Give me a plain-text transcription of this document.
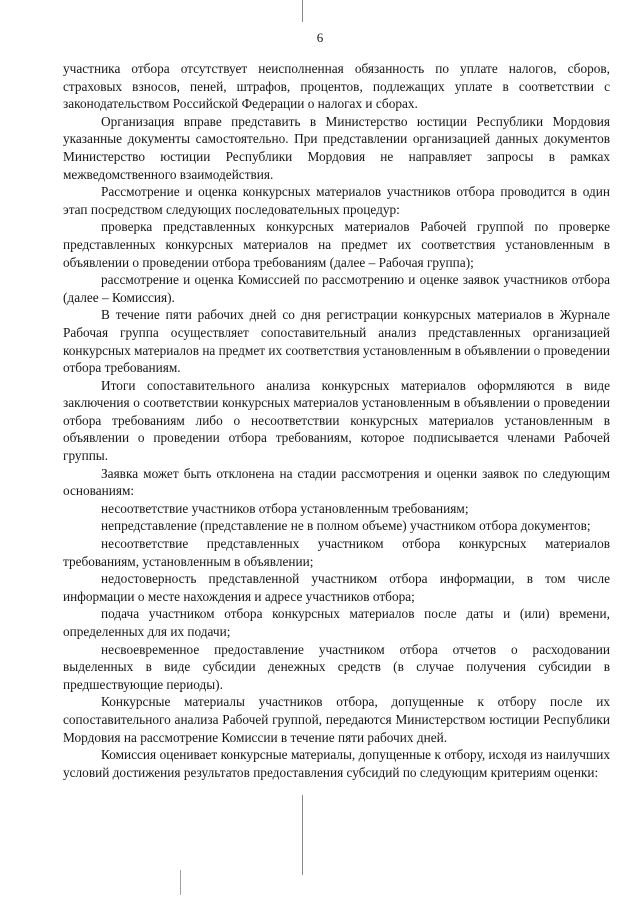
6

участника отбора отсутствует неисполненная обязанность по уплате налогов, сборов, страховых взносов, пеней, штрафов, процентов, подлежащих уплате в соответствии с законодательством Российской Федерации о налогах и сборах.

Организация вправе представить в Министерство юстиции Республики Мордовия указанные документы самостоятельно. При представлении организацией данных документов Министерство юстиции Республики Мордовия не направляет запросы в рамках межведомственного взаимодействия.

Рассмотрение и оценка конкурсных материалов участников отбора проводится в один этап посредством следующих последовательных процедур:

проверка представленных конкурсных материалов Рабочей группой по проверке представленных конкурсных материалов на предмет их соответствия установленным в объявлении о проведении отбора требованиям (далее – Рабочая группа);

рассмотрение и оценка Комиссией по рассмотрению и оценке заявок участников отбора (далее – Комиссия).

В течение пяти рабочих дней со дня регистрации конкурсных материалов в Журнале Рабочая группа осуществляет сопоставительный анализ представленных организацией конкурсных материалов на предмет их соответствия установленным в объявлении о проведении отбора требованиям.

Итоги сопоставительного анализа конкурсных материалов оформляются в виде заключения о соответствии конкурсных материалов установленным в объявлении о проведении отбора требованиям либо о несоответствии конкурсных материалов установленным в объявлении о проведении отбора требованиям, которое подписывается членами Рабочей группы.

Заявка может быть отклонена на стадии рассмотрения и оценки заявок по следующим основаниям:

несоответствие участников отбора установленным требованиям;

непредставление (представление не в полном объеме) участником отбора документов;

несоответствие представленных участником отбора конкурсных материалов требованиям, установленным в объявлении;

недостоверность представленной участником отбора информации, в том числе информации о месте нахождения и адресе участников отбора;

подача участником отбора конкурсных материалов после даты и (или) времени, определенных для их подачи;

несвоевременное предоставление участником отбора отчетов о расходовании выделенных в виде субсидии денежных средств (в случае получения субсидии в предшествующие периоды).

Конкурсные материалы участников отбора, допущенные к отбору после их сопоставительного анализа Рабочей группой, передаются Министерством юстиции Республики Мордовия на рассмотрение Комиссии в течение пяти рабочих дней.

Комиссия оценивает конкурсные материалы, допущенные к отбору, исходя из наилучших условий достижения результатов предоставления субсидий по следующим критериям оценки:
